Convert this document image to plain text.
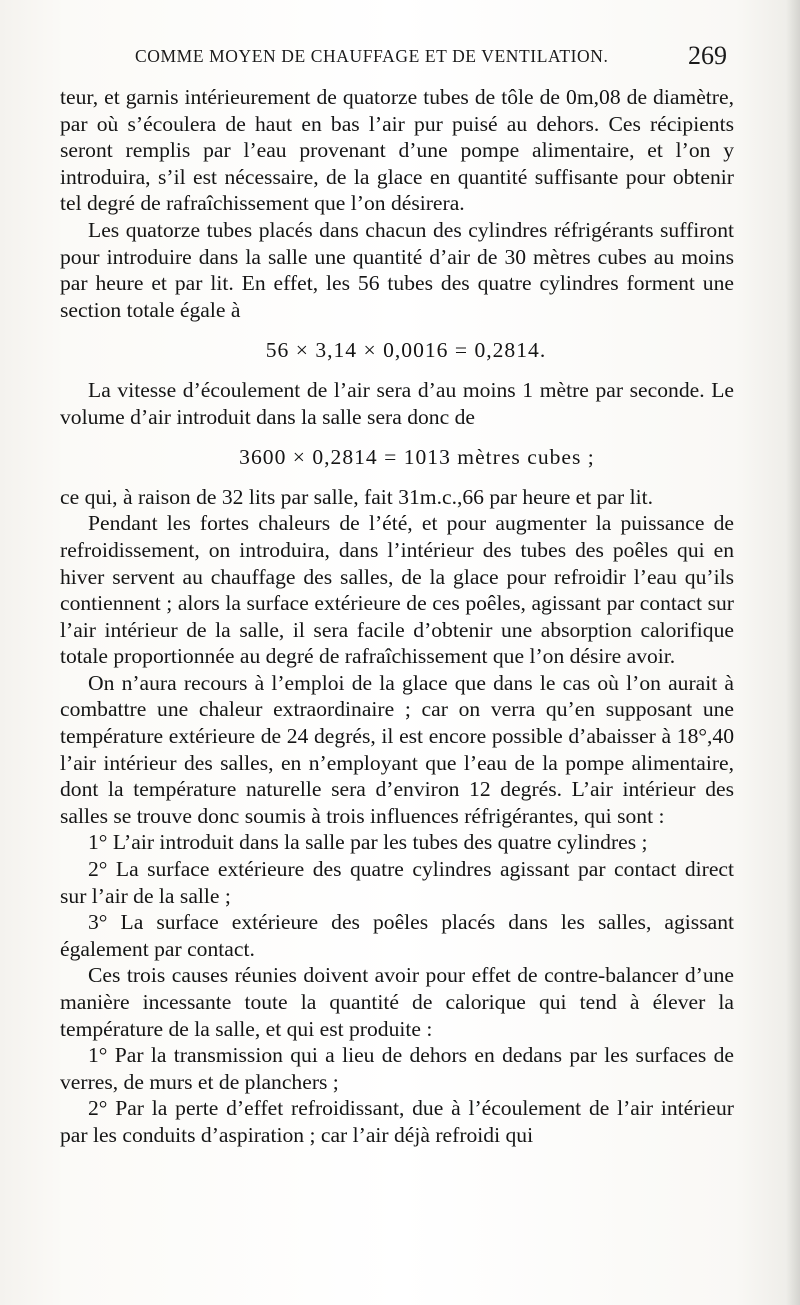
COMME MOYEN DE CHAUFFAGE ET DE VENTILATION.	269

teur, et garnis intérieurement de quatorze tubes de tôle de 0m,08 de diamètre, par où s’écoulera de haut en bas l’air pur puisé au dehors. Ces récipients seront remplis par l’eau provenant d’une pompe alimentaire, et l’on y introduira, s’il est nécessaire, de la glace en quantité suffisante pour obtenir tel degré de rafraîchissement que l’on désirera.

Les quatorze tubes placés dans chacun des cylindres réfrigérants suffiront pour introduire dans la salle une quantité d’air de 30 mètres cubes au moins par heure et par lit. En effet, les 56 tubes des quatre cylindres forment une section totale égale à

56 × 3,14 × 0,0016 = 0,2814.

La vitesse d’écoulement de l’air sera d’au moins 1 mètre par seconde. Le volume d’air introduit dans la salle sera donc de

3600 × 0,2814 = 1013 mètres cubes ;

ce qui, à raison de 32 lits par salle, fait 31m.c.,66 par heure et par lit.

Pendant les fortes chaleurs de l’été, et pour augmenter la puissance de refroidissement, on introduira, dans l’intérieur des tubes des poêles qui en hiver servent au chauffage des salles, de la glace pour refroidir l’eau qu’ils contiennent ; alors la surface extérieure de ces poêles, agissant par contact sur l’air intérieur de la salle, il sera facile d’obtenir une absorption calorifique totale proportionnée au degré de rafraîchissement que l’on désire avoir.

On n’aura recours à l’emploi de la glace que dans le cas où l’on aurait à combattre une chaleur extraordinaire ; car on verra qu’en supposant une température extérieure de 24 degrés, il est encore possible d’abaisser à 18°,40 l’air intérieur des salles, en n’employant que l’eau de la pompe alimentaire, dont la température naturelle sera d’environ 12 degrés. L’air intérieur des salles se trouve donc soumis à trois influences réfrigérantes, qui sont :

1° L’air introduit dans la salle par les tubes des quatre cylindres ;

2° La surface extérieure des quatre cylindres agissant par contact direct sur l’air de la salle ;

3° La surface extérieure des poêles placés dans les salles, agissant également par contact.

Ces trois causes réunies doivent avoir pour effet de contre-balancer d’une manière incessante toute la quantité de calorique qui tend à élever la température de la salle, et qui est produite :

1° Par la transmission qui a lieu de dehors en dedans par les surfaces de verres, de murs et de planchers ;

2° Par la perte d’effet refroidissant, due à l’écoulement de l’air intérieur par les conduits d’aspiration ; car l’air déjà refroidi qui
